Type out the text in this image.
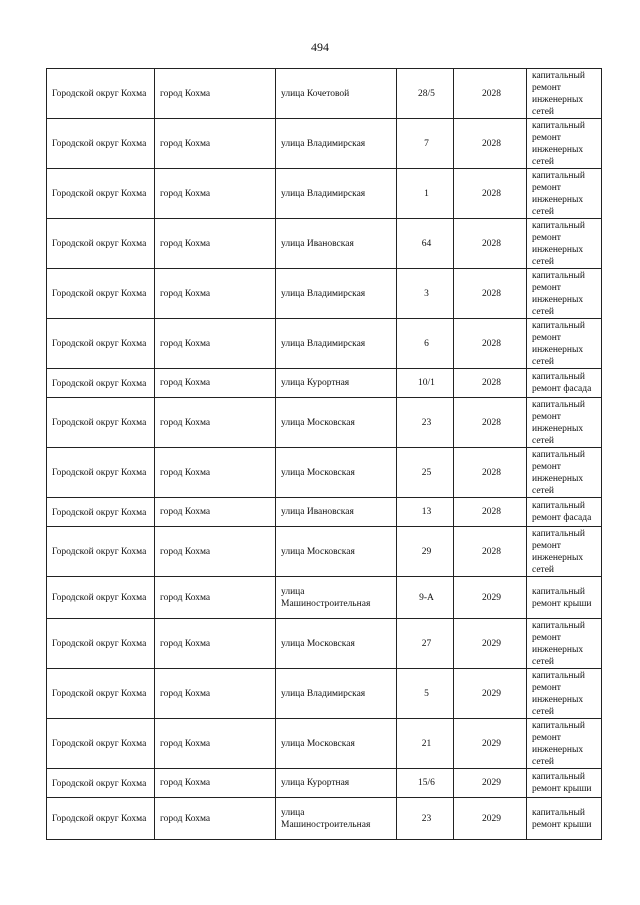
494
Городской округ Кохма	город Кохма	улица Кочетовой	28/5	2028	капитальный ремонт инженерных сетей
Городской округ Кохма	город Кохма	улица Владимирская	7	2028	капитальный ремонт инженерных сетей
Городской округ Кохма	город Кохма	улица Владимирская	1	2028	капитальный ремонт инженерных сетей
Городской округ Кохма	город Кохма	улица Ивановская	64	2028	капитальный ремонт инженерных сетей
Городской округ Кохма	город Кохма	улица Владимирская	3	2028	капитальный ремонт инженерных сетей
Городской округ Кохма	город Кохма	улица Владимирская	6	2028	капитальный ремонт инженерных сетей
Городской округ Кохма	город Кохма	улица Курортная	10/1	2028	капитальный ремонт фасада
Городской округ Кохма	город Кохма	улица Московская	23	2028	капитальный ремонт инженерных сетей
Городской округ Кохма	город Кохма	улица Московская	25	2028	капитальный ремонт инженерных сетей
Городской округ Кохма	город Кохма	улица Ивановская	13	2028	капитальный ремонт фасада
Городской округ Кохма	город Кохма	улица Московская	29	2028	капитальный ремонт инженерных сетей
Городской округ Кохма	город Кохма	улица Машиностроительная	9-А	2029	капитальный ремонт крыши
Городской округ Кохма	город Кохма	улица Московская	27	2029	капитальный ремонт инженерных сетей
Городской округ Кохма	город Кохма	улица Владимирская	5	2029	капитальный ремонт инженерных сетей
Городской округ Кохма	город Кохма	улица Московская	21	2029	капитальный ремонт инженерных сетей
Городской округ Кохма	город Кохма	улица Курортная	15/6	2029	капитальный ремонт крыши
Городской округ Кохма	город Кохма	улица Машиностроительная	23	2029	капитальный ремонт крыши
